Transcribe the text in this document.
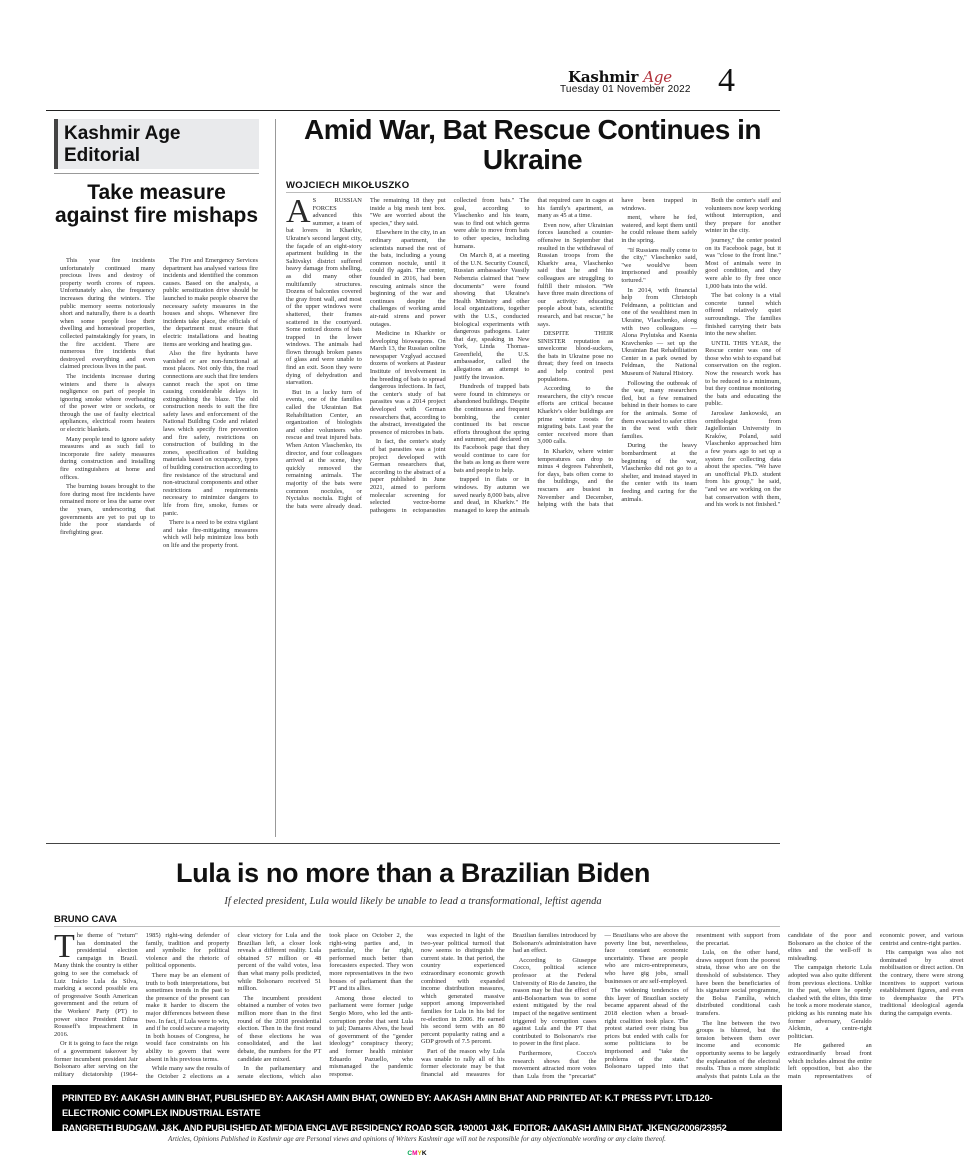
Kashmir Age
Tuesday 01 November 2022 4
Kashmir Age Editorial
Take measure against fire mishaps

This year fire incidents unfortunately continued many precious lives and destroy of property worth crores of rupees. Unfortunately also, the frequency increases during the winters. The public memory seems notoriously short and naturally, there is a dearth when some people lose their dwelling and homestead properties, collected painstakingly for years, in the fire accident. There are numerous fire incidents that destroyed everything and even claimed precious lives in the past.

The incidents increase during winters and there is always negligence on part of people in ignoring smoke where overheating of the power wire or sockets, or through the use of faulty electrical appliances, electrical room heaters or electric blankets.

Many people tend to ignore safety measures and as such fail to incorporate fire safety measures during construction and installing fire extinguishers at home and offices.

The burning issues brought to the fore during most fire incidents have remained more or less the same over the years, underscoring that governments are yet to put up to hide the poor standards of firefighting gear.

The Fire and Emergency Services department has analysed various fire incidents and identified the common causes. Based on the analysis, a public sensitization drive should be launched to make people observe the necessary safety measures in the houses and shops. Whenever fire incidents take place, the officials of the department must ensure that electric installations and heating items are working and heating gas.

Also the fire hydrants have vanished or are non-functional at most places. Not only this, the road connections are such that fire tenders cannot reach the spot on time causing considerable delays in extinguishing the blaze. The old construction needs to suit the fire safety laws and enforcement of the National Building Code and related laws which specify fire prevention and fire safety, restrictions on construction of building in the zones, specification of building materials based on occupancy, types of building construction according to fire resistance of the structural and non-structural components and other restrictions and requirements necessary to minimize dangers to life from fire, smoke, fumes or panic.

There is a need to be extra vigilant and take fire-mitigating measures which will help minimize loss both on life and the property front.

Amid War, Bat Rescue Continues in Ukraine
WOJCIECH MIKOŁUSZKO
A S RUSSIAN FORCES advanced this summer, a team of bat lovers in Kharkiv, Ukraine's second largest city, the façade of an eight-story apartment building in the Saltivskyi district suffered heavy damage from shelling, as did many other multifamily structures. Dozens of balconies covered the gray front wall, and most of the upper windows were shattered, their frames scattered in the courtyard. Some noticed dozens of bats trapped in the lower windows. The animals had flown through broken panes of glass and were unable to find an exit. Soon they were dying of dehydration and starvation.

But in a lucky turn of events, one of the families called the Ukrainian Bat Rehabilitation Center, an organization of biologists and other volunteers who rescue and treat injured bats. When Anton Vlaschenko, its director, and four colleagues arrived at the scene, they quickly removed the remaining animals. The majority of the bats were common noctules, or Nyctalus noctula. Eight of the bats were already dead. The remaining 18 they put inside a big mesh tent box. "We are worried about the species," they said.

Elsewhere in the city, in an ordinary apartment, the scientists nursed the rest of the bats, including a young common noctule, until it could fly again. The center, founded in 2016, had been rescuing animals since the beginning of the war and continues despite the challenges of working amid air-raid sirens and power outages.

Medicine in Kharkiv or developing bioweapons. On March 13, the Russian online newspaper Vzglyad accused dozens of workers at Pasteur Institute of involvement in the breeding of bats to spread dangerous infections. In fact, the center's study of bat parasites was a 2014 project developed with German researchers that, according to the abstract, investigated the presence of microbes in bats.

In fact, the center's study of bat parasites was a joint project developed with German researchers that, according to the abstract of a paper published in June 2021, aimed to perform molecular screening for selected vector-borne pathogens in ectoparasites collected from bats." The goal, according to Vlaschenko and his team, was to find out which germs were able to move from bats to other species, including humans.

On March 8, at a meeting of the U.N. Security Council, Russian ambassador Vassily Nebenzia claimed that "new documents" were found showing that Ukraine's Health Ministry and other local organizations, together with the U.S., conducted biological experiments with dangerous pathogens. Later that day, speaking in New York, Linda Thomas-Greenfield, the U.S. ambassador, called the allegations an attempt to justify the invasion.

Hundreds of trapped bats were found in chimneys or abandoned buildings. Despite the continuous and frequent bombing, the center continued its bat rescue efforts throughout the spring and summer, and declared on its Facebook page that they would continue to care for the bats as long as there were bats and people to help.

trapped in flats or in windows. By autumn we saved nearly 8,000 bats, alive and dead, in Kharkiv." He managed to keep the animals that required care in cages at his family's apartment, as many as 45 at a time.

Even now, after Ukrainian forces launched a counter-offensive in September that resulted in the withdrawal of Russian troops from the Kharkiv area, Vlaschenko said that he and his colleagues are struggling to fulfill their mission. "We have three main directions of our activity: educating people about bats, scientific research, and bat rescue," he says.

DESPITE THEIR SINISTER reputation as unwelcome blood-suckers, the bats in Ukraine pose no threat; they feed on insects and help control pest populations.

According to the researchers, the city's rescue efforts are critical because Kharkiv's older buildings are prime winter roosts for migrating bats. Last year the center received more than 3,000 calls.

In Kharkiv, where winter temperatures can drop to minus 4 degrees Fahrenheit, for days, bats often come to the buildings, and the rescuers are busiest in November and December, helping with the bats that have been trapped in windows.

ment, where he fed, watered, and kept them until he could release them safely in the spring.

"If Russians really come to the city," Vlaschenko said, "we would've been imprisoned and possibly tortured."

In 2014, with financial help from Christoph Feldmann, a politician and one of the wealthiest men in Ukraine, Vlaschenko, along with two colleagues — Alona Prylutska and Ksenia Kravchenko — set up the Ukrainian Bat Rehabilitation Center in a park owned by Feldman, the National Museum of Natural History.

Following the outbreak of the war, many researchers fled, but a few remained behind in their homes to care for the animals. Some of them evacuated to safer cities in the west with their families.

During the heavy bombardment at the beginning of the war, Vlaschenko did not go to a shelter, and instead stayed in the center with its team feeding and caring for the animals.

Both the center's staff and volunteers now keep working without interruption, and they prepare for another winter in the city.

journey," the center posted on its Facebook page, but it was "close to the front line." Most of animals were in good condition, and they were able to fly free once 1,000 bats into the wild.

The bat colony is a vital concrete tunnel which offered relatively quiet surroundings. The families finished carrying their bats into the new shelter.

UNTIL THIS YEAR, the Rescue center was one of those who wish to expand bat conservation on the region. Now the research work has to be reduced to a minimum, but they continue monitoring the bats and educating the public.

Jaroslaw Jankowski, an ornithologist from Jagiellonian University in Kraków, Poland, said Vlaschenko approached him a few years ago to set up a system for collecting data about the species. "We have an unofficial Ph.D. student from his group," he said, "and we are working on the bat conservation with them, and his work is not finished."

Lula is no more than a Brazilian Biden
If elected president, Lula would likely be unable to lead a transformational, leftist agenda
BRUNO CAVA
T he theme of "return" has dominated the presidential election campaign in Brazil. Many think the country is either going to see the comeback of Luiz Inácio Lula da Silva, marking a second possible era of progressive South American government and the return of the Workers' Party (PT) to power since President Dilma Rousseff's impeachment in 2016.

Or it is going to face the reign of a government takeover by former incumbent president Jair Bolsonaro after serving on the military dictatorship (1964-1985) right-wing defender of family, tradition and property and symbolic for political violence and the rhetoric of political opponents.

There may be an element of truth to both interpretations, but sometimes trends in the past to the presence of the present can make it harder to discern the major differences between these two. In fact, if Lula were to win, and if he could secure a majority in both houses of Congress, he would face constraints on his ability to govern that were absent in his previous terms.

While many saw the results of the October 2 elections as a clear victory for Lula and the Brazilian left, a closer look reveals a different reality. Lula obtained 57 million or 48 percent of the valid votes, less than what many polls predicted, while Bolsonaro received 51 million.

The incumbent president obtained a number of votes two million more than in the first round of the 2018 presidential election. Then in the first round of these elections he was consolidated, and the last debate, the numbers for the PT candidate are mixed.

In the parliamentary and senate elections, which also took place on October 2, the right-wing parties and, in particular, the far right, performed much better than forecasters expected. They won more representatives in the two houses of parliament than the PT and its allies.

Among those elected to parliament were former judge Sergio Moro, who led the anti-corruption probe that sent Lula to jail; Damares Alves, the head of government of the "gender ideology" conspiracy theory; and former health minister Eduardo Pazuello, who mismanaged the pandemic response.

was expected in light of the two-year political turmoil that now seems to distinguish the current state. In that period, the country experienced extraordinary economic growth combined with expanded income distribution measures, which generated massive support among impoverished families for Lula in his bid for re-election in 2006. He earned his second term with an 80 percent popularity rating and a GDP growth of 7.5 percent.

Part of the reason why Lula was unable to rally all of his former electorate may be that financial aid measures for Brazilian families introduced by Bolsonaro's administration have had an effect.

According to Giuseppe Cocco, political science professor at the Federal University of Rio de Janeiro, the reason may be that the effect of anti-Bolsonarism was to some extent mitigated by the real impact of the negative sentiment triggered by corruption cases against Lula and the PT that contributed to Bolsonaro's rise to power in the first place.

Furthermore, Cocco's research shows that the movement attracted more votes than Lula from the "precariat" — Brazilians who are above the poverty line but, nevertheless, face constant economic uncertainty. These are people who are micro-entrepreneurs, who have gig jobs, small businesses or are self-employed.

The widening tendencies of this layer of Brazilian society became apparent ahead of the 2018 election when a broad-right coalition took place. The protest started over rising bus prices but ended with calls for some politicians to be imprisoned and "take the problems of the state." Bolsonaro tapped into that resentment with support from the precariat.

Lula, on the other hand, draws support from the poorest strata, those who are on the threshold of subsistence. They have been the beneficiaries of his signature social programme, the Bolsa Família, which distributed conditional cash transfers.

The line between the two groups is blurred, but the tension between them over income and economic opportunity seems to be largely the explanation of the electoral results. Thus a more simplistic analysis that paints Lula as the candidate of the poor and Bolsonaro as the choice of the elites and the well-off is misleading.

The campaign rhetoric Lula adopted was also quite different from previous elections. Unlike in the past, where he openly clashed with the elites, this time he took a more moderate stance, picking as his running mate his former adversary, Geraldo Alckmin, a centre-right politician.

He gathered an extraordinarily broad front which includes almost the entire left opposition, but also the main representatives of economic power, and various centrist and centre-right parties.

His campaign was also not dominated by street mobilisation or direct action. On the contrary, there were strong incentives to support various establishment figures, and even to deemphasize the PT's traditional ideological agenda during the campaign events.

PRINTED BY: AAKASH AMIN BHAT, PUBLISHED BY: AAKASH AMIN BHAT, OWNED BY: AAKASH AMIN BHAT AND PRINTED AT: K.T PRESS PVT. LTD.120- ELECTRONIC COMPLEX INDUSTRIAL ESTATE
RANGRETH BUDGAM, J&K. AND PUBLISHED AT: MEDIA ENCLAVE RESIDENCY ROAD SGR. 190001 J&K. EDITOR: AAKASH AMIN BHAT, JKENG/2006/23952
Articles, Opinions Published in Kashmir age are Personal views and opinions of Writers Kashmir age will not be responsible for any objectionable wording or any claim thereof.
CMYK
